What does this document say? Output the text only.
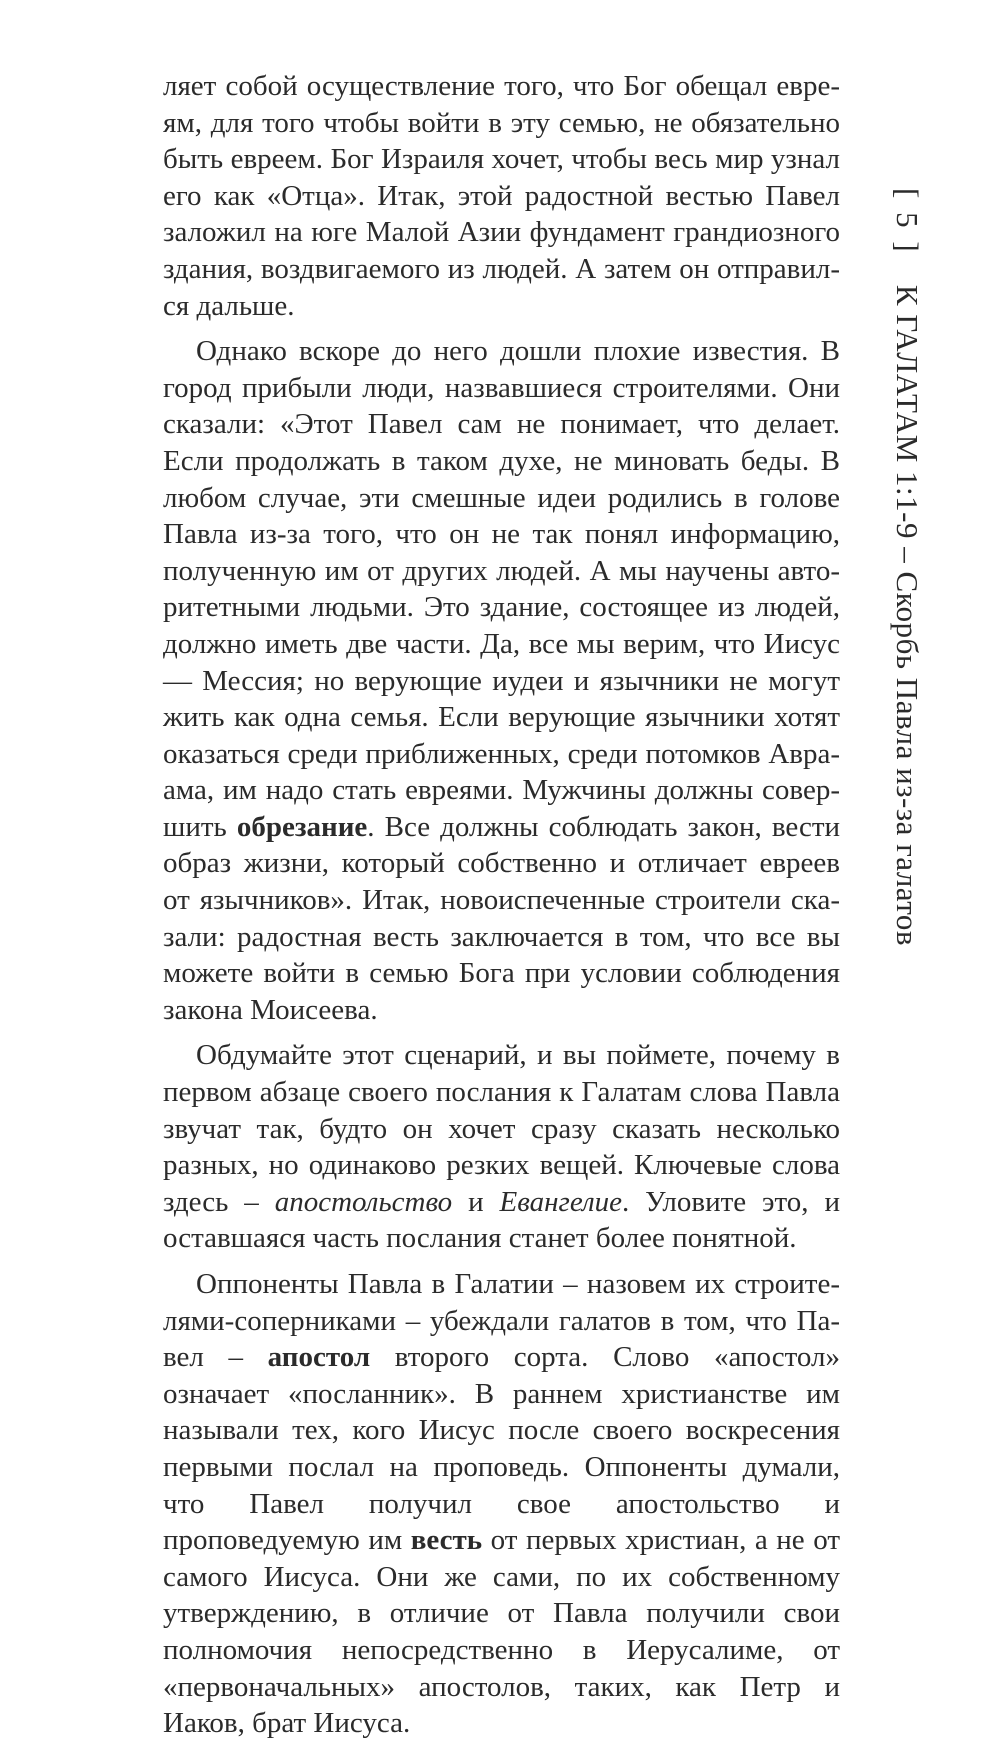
ляет собой осуществление того, что Бог обещал евреям, для того чтобы войти в эту семью, не обязательно быть евреем. Бог Израиля хочет, чтобы весь мир узнал его как «Отца». Итак, этой радостной вестью Павел заложил на юге Малой Азии фундамент грандиозного здания, воздвигаемого из людей. А затем он отправился дальше.

Однако вскоре до него дошли плохие известия. В город прибыли люди, назвавшиеся строителями. Они сказали: «Этот Павел сам не понимает, что делает. Если продолжать в таком духе, не миновать беды. В любом случае, эти смешные идеи родились в голове Павла из-за того, что он не так понял информацию, полученную им от других людей. А мы научены авторитетными людьми. Это здание, состоящее из людей, должно иметь две части. Да, все мы верим, что Иисус— Мессия; но верующие иудеи и язычники не могут жить как одна семья. Если верующие язычники хотят оказаться среди приближенных, среди потомков Авраама, им надо стать евреями. Мужчины должны совершить обрезание. Все должны соблюдать закон, вести образ жизни, который собственно и отличает евреев от язычников». Итак, новоиспеченные строители сказали: радостная весть заключается в том, что все вы можете войти в семью Бога при условии соблюдения закона Моисеева.

Обдумайте этот сценарий, и вы поймете, почему в первом абзаце своего послания к Галатам слова Павла звучат так, будто он хочет сразу сказать несколько разных, но одинаково резких вещей. Ключевые слова здесь – апостольство и Евангелие. Уловите это, и оставшаяся часть послания станет более понятной.

Оппоненты Павла в Галатии – назовем их строителями-соперниками – убеждали галатов в том, что Павел – апостол второго сорта. Слово «апостол» означает «посланник». В раннем христианстве им называли тех, кого Иисус после своего воскресения первыми послал на проповедь. Оппоненты думали, что Павел получил свое апостольство и проповедуемую им весть от первых христиан, а не от самого Иисуса. Они же сами, по их собственному утверждению, в отличие от Павла получили свои полномочия непосредственно в Иерусалиме, от «первоначальных» апостолов, таких, как Петр и Иаков, брат Иисуса.

[ 5 ] К ГАЛАТАМ 1:1-9 – Скорбь Павла из-за галатов
